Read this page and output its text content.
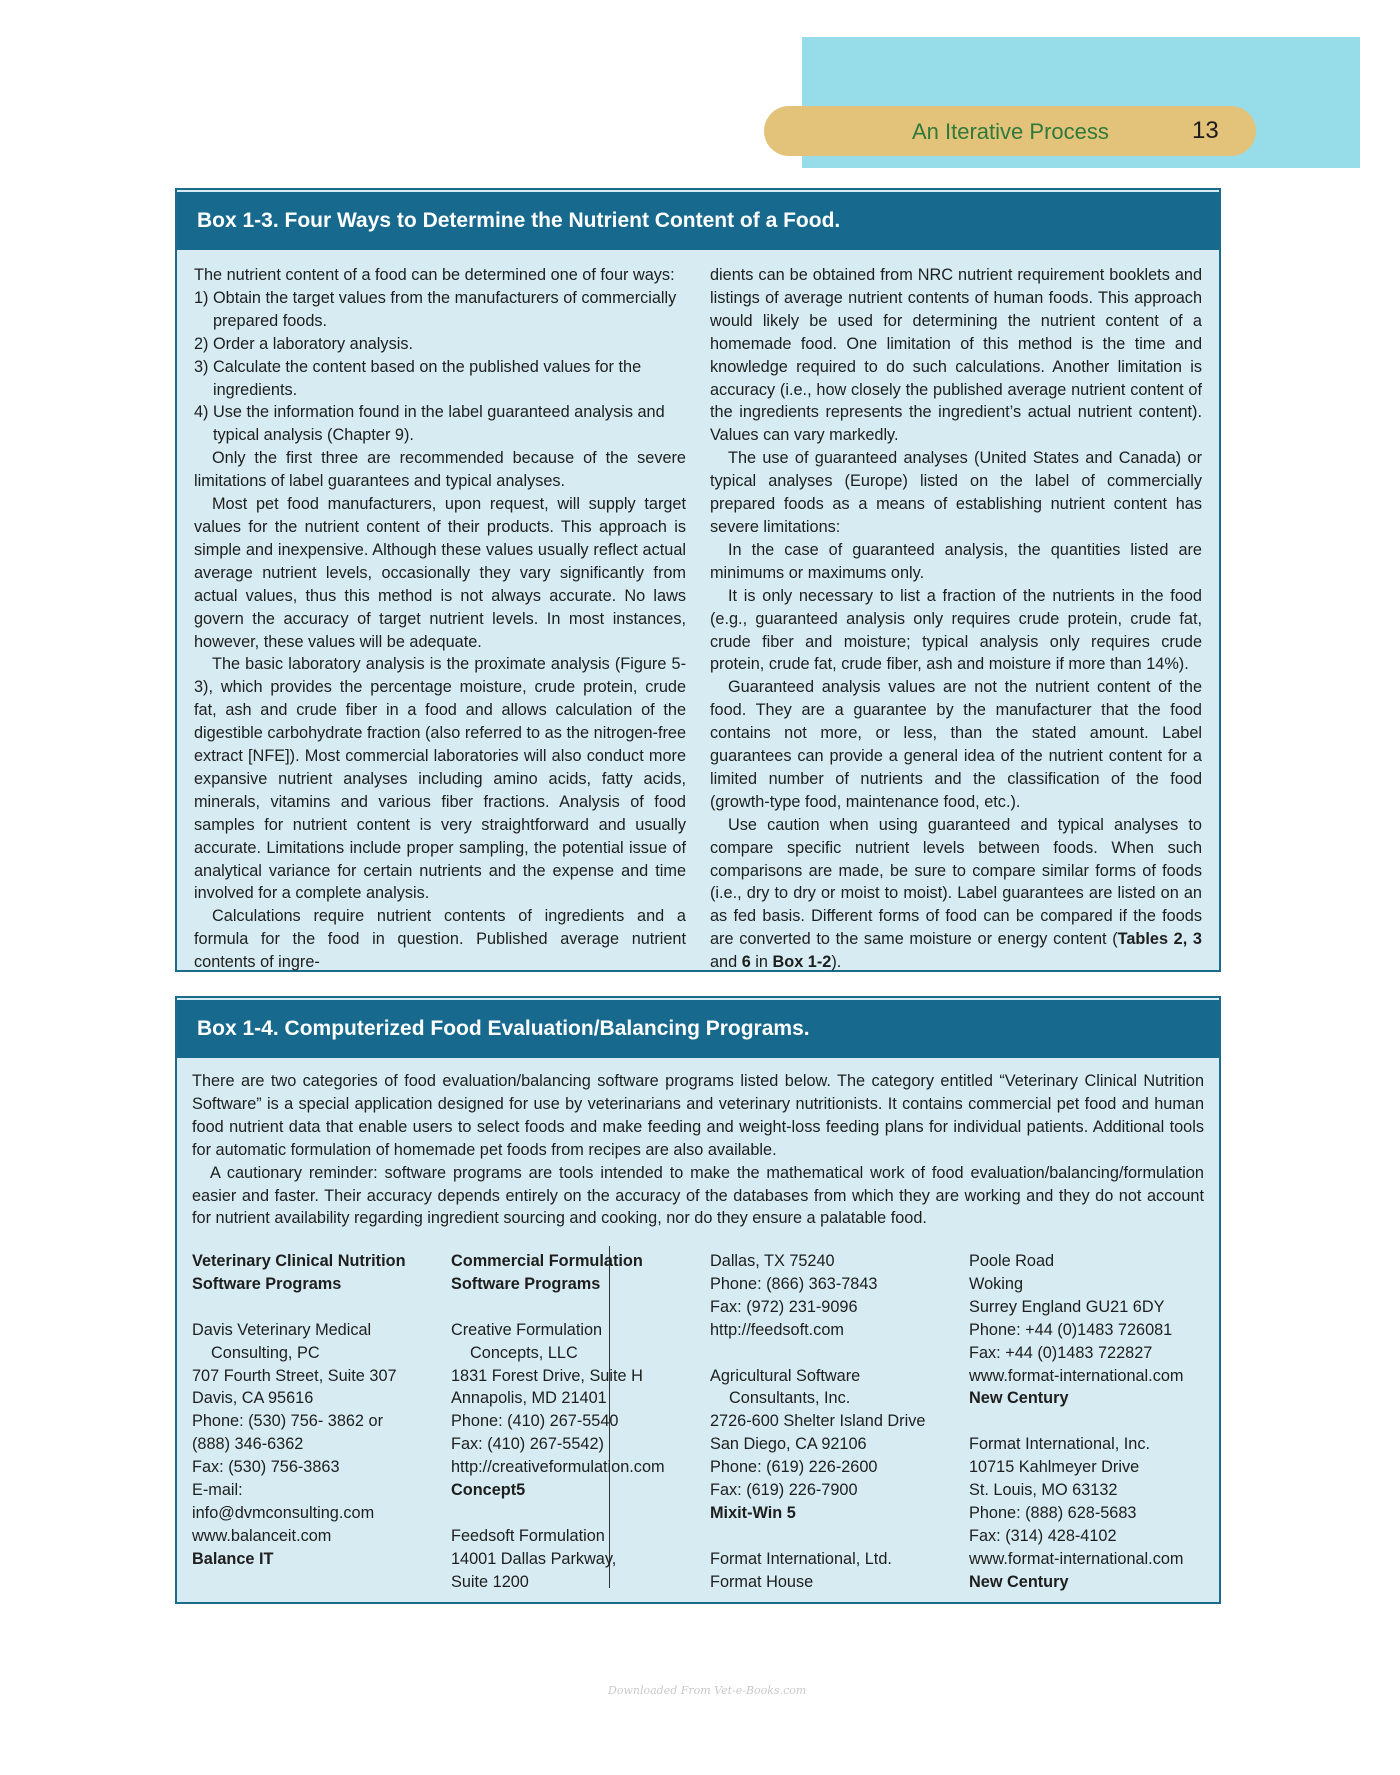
An Iterative Process	13
Box 1-3. Four Ways to Determine the Nutrient Content of a Food.

The nutrient content of a food can be determined one of four ways:

1) Obtain the target values from the manufacturers of commercially prepared foods.

2) Order a laboratory analysis.

3) Calculate the content based on the published values for the ingredients.

4) Use the information found in the label guaranteed analysis and typical analysis (Chapter 9).

Only the first three are recommended because of the severe limitations of label guarantees and typical analyses.

Most pet food manufacturers, upon request, will supply target values for the nutrient content of their products. This approach is simple and inexpensive. Although these values usually reflect actual average nutrient levels, occasionally they vary significantly from actual values, thus this method is not always accurate. No laws govern the accuracy of target nutrient levels. In most instances, however, these values will be adequate.

The basic laboratory analysis is the proximate analysis (Figure 5-3), which provides the percentage moisture, crude protein, crude fat, ash and crude fiber in a food and allows calculation of the digestible carbohydrate fraction (also referred to as the nitrogen-free extract [NFE]). Most commercial laboratories will also conduct more expansive nutrient analyses including amino acids, fatty acids, minerals, vitamins and various fiber fractions. Analysis of food samples for nutrient content is very straightforward and usually accurate. Limitations include proper sampling, the potential issue of analytical variance for certain nutrients and the expense and time involved for a complete analysis.

Calculations require nutrient contents of ingredients and a formula for the food in question. Published average nutrient contents of ingre-

dients can be obtained from NRC nutrient requirement booklets and listings of average nutrient contents of human foods. This approach would likely be used for determining the nutrient content of a homemade food. One limitation of this method is the time and knowledge required to do such calculations. Another limitation is accuracy (i.e., how closely the published average nutrient content of the ingredients represents the ingredient’s actual nutrient content). Values can vary markedly.

The use of guaranteed analyses (United States and Canada) or typical analyses (Europe) listed on the label of commercially prepared foods as a means of establishing nutrient content has severe limitations:

In the case of guaranteed analysis, the quantities listed are minimums or maximums only.

It is only necessary to list a fraction of the nutrients in the food (e.g., guaranteed analysis only requires crude protein, crude fat, crude fiber and moisture; typical analysis only requires crude protein, crude fat, crude fiber, ash and moisture if more than 14%).

Guaranteed analysis values are not the nutrient content of the food. They are a guarantee by the manufacturer that the food contains not more, or less, than the stated amount. Label guarantees can provide a general idea of the nutrient content for a limited number of nutrients and the classification of the food (growth-type food, maintenance food, etc.).

Use caution when using guaranteed and typical analyses to compare specific nutrient levels between foods. When such comparisons are made, be sure to compare similar forms of foods (i.e., dry to dry or moist to moist). Label guarantees are listed on an as fed basis. Different forms of food can be compared if the foods are converted to the same moisture or energy content (Tables 2, 3 and 6 in Box 1-2).

Box 1-4. Computerized Food Evaluation/Balancing Programs.

There are two categories of food evaluation/balancing software programs listed below. The category entitled “Veterinary Clinical Nutrition Software” is a special application designed for use by veterinarians and veterinary nutritionists. It contains commercial pet food and human food nutrient data that enable users to select foods and make feeding and weight-loss feeding plans for individual patients. Additional tools for automatic formulation of homemade pet foods from recipes are also available.

A cautionary reminder: software programs are tools intended to make the mathematical work of food evaluation/balancing/formulation easier and faster. Their accuracy depends entirely on the accuracy of the databases from which they are working and they do not account for nutrient availability regarding ingredient sourcing and cooking, nor do they ensure a palatable food.

Veterinary Clinical Nutrition
Software Programs

Davis Veterinary Medical
Consulting, PC
707 Fourth Street, Suite 307
Davis, CA 95616
Phone: (530) 756- 3862 or
(888) 346-6362
Fax: (530) 756-3863
E-mail:
info@dvmconsulting.com
www.balanceit.com
Balance IT
Commercial Formulation
Software Programs

Creative Formulation
Concepts, LLC
1831 Forest Drive, Suite H
Annapolis, MD 21401
Phone: (410) 267-5540
Fax: (410) 267-5542)
http://creativeformulation.com
Concept5

Feedsoft Formulation
14001 Dallas Parkway,
Suite 1200
Dallas, TX 75240
Phone: (866) 363-7843
Fax: (972) 231-9096
http://feedsoft.com

Agricultural Software
Consultants, Inc.
2726-600 Shelter Island Drive
San Diego, CA 92106
Phone: (619) 226-2600
Fax: (619) 226-7900
Mixit-Win 5

Format International, Ltd.
Format House
Poole Road
Woking
Surrey England GU21 6DY
Phone: +44 (0)1483 726081
Fax: +44 (0)1483 722827
www.format-international.com
New Century

Format International, Inc.
10715 Kahlmeyer Drive
St. Louis, MO 63132
Phone: (888) 628-5683
Fax: (314) 428-4102
www.format-international.com
New Century
Downloaded From Vet-e-Books.com
